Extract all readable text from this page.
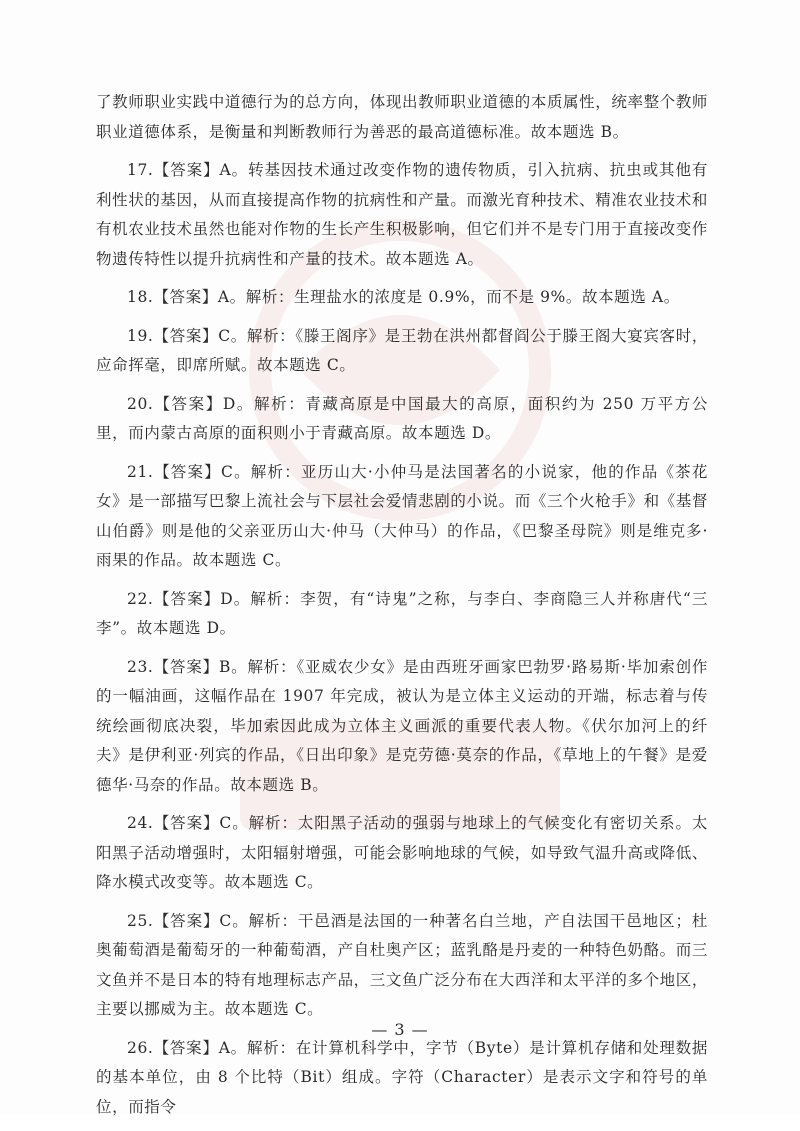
了教师职业实践中道德行为的总方向，体现出教师职业道德的本质属性，统率整个教师职业道德体系，是衡量和判断教师行为善恶的最高道德标准。故本题选 B。

17.【答案】A。转基因技术通过改变作物的遗传物质，引入抗病、抗虫或其他有利性状的基因，从而直接提高作物的抗病性和产量。而激光育种技术、精准农业技术和有机农业技术虽然也能对作物的生长产生积极影响，但它们并不是专门用于直接改变作物遗传特性以提升抗病性和产量的技术。故本题选 A。

18.【答案】A。解析：生理盐水的浓度是 0.9%，而不是 9%。故本题选 A。

19.【答案】C。解析：《滕王阁序》是王勃在洪州都督阎公于滕王阁大宴宾客时，应命挥毫，即席所赋。故本题选 C。

20.【答案】D。解析：青藏高原是中国最大的高原，面积约为 250 万平方公里，而内蒙古高原的面积则小于青藏高原。故本题选 D。

21.【答案】C。解析：亚历山大·小仲马是法国著名的小说家，他的作品《茶花女》是一部描写巴黎上流社会与下层社会爱情悲剧的小说。而《三个火枪手》和《基督山伯爵》则是他的父亲亚历山大·仲马（大仲马）的作品，《巴黎圣母院》则是维克多·雨果的作品。故本题选 C。

22.【答案】D。解析：李贺，有“诗鬼”之称，与李白、李商隐三人并称唐代“三李”。故本题选 D。

23.【答案】B。解析：《亚威农少女》是由西班牙画家巴勃罗·路易斯·毕加索创作的一幅油画，这幅作品在 1907 年完成，被认为是立体主义运动的开端，标志着与传统绘画彻底决裂，毕加索因此成为立体主义画派的重要代表人物。《伏尔加河上的纤夫》是伊利亚·列宾的作品，《日出印象》是克劳德·莫奈的作品，《草地上的午餐》是爱德华·马奈的作品。故本题选 B。

24.【答案】C。解析：太阳黑子活动的强弱与地球上的气候变化有密切关系。太阳黑子活动增强时，太阳辐射增强，可能会影响地球的气候，如导致气温升高或降低、降水模式改变等。故本题选 C。

25.【答案】C。解析：干邑酒是法国的一种著名白兰地，产自法国干邑地区；杜奥葡萄酒是葡萄牙的一种葡萄酒，产自杜奥产区；蓝乳酪是丹麦的一种特色奶酪。而三文鱼并不是日本的特有地理标志产品，三文鱼广泛分布在大西洋和太平洋的多个地区，主要以挪威为主。故本题选 C。

26.【答案】A。解析：在计算机科学中，字节（Byte）是计算机存储和处理数据的基本单位，由 8 个比特（Bit）组成。字符（Character）是表示文字和符号的单位，而指令

— 3 —
